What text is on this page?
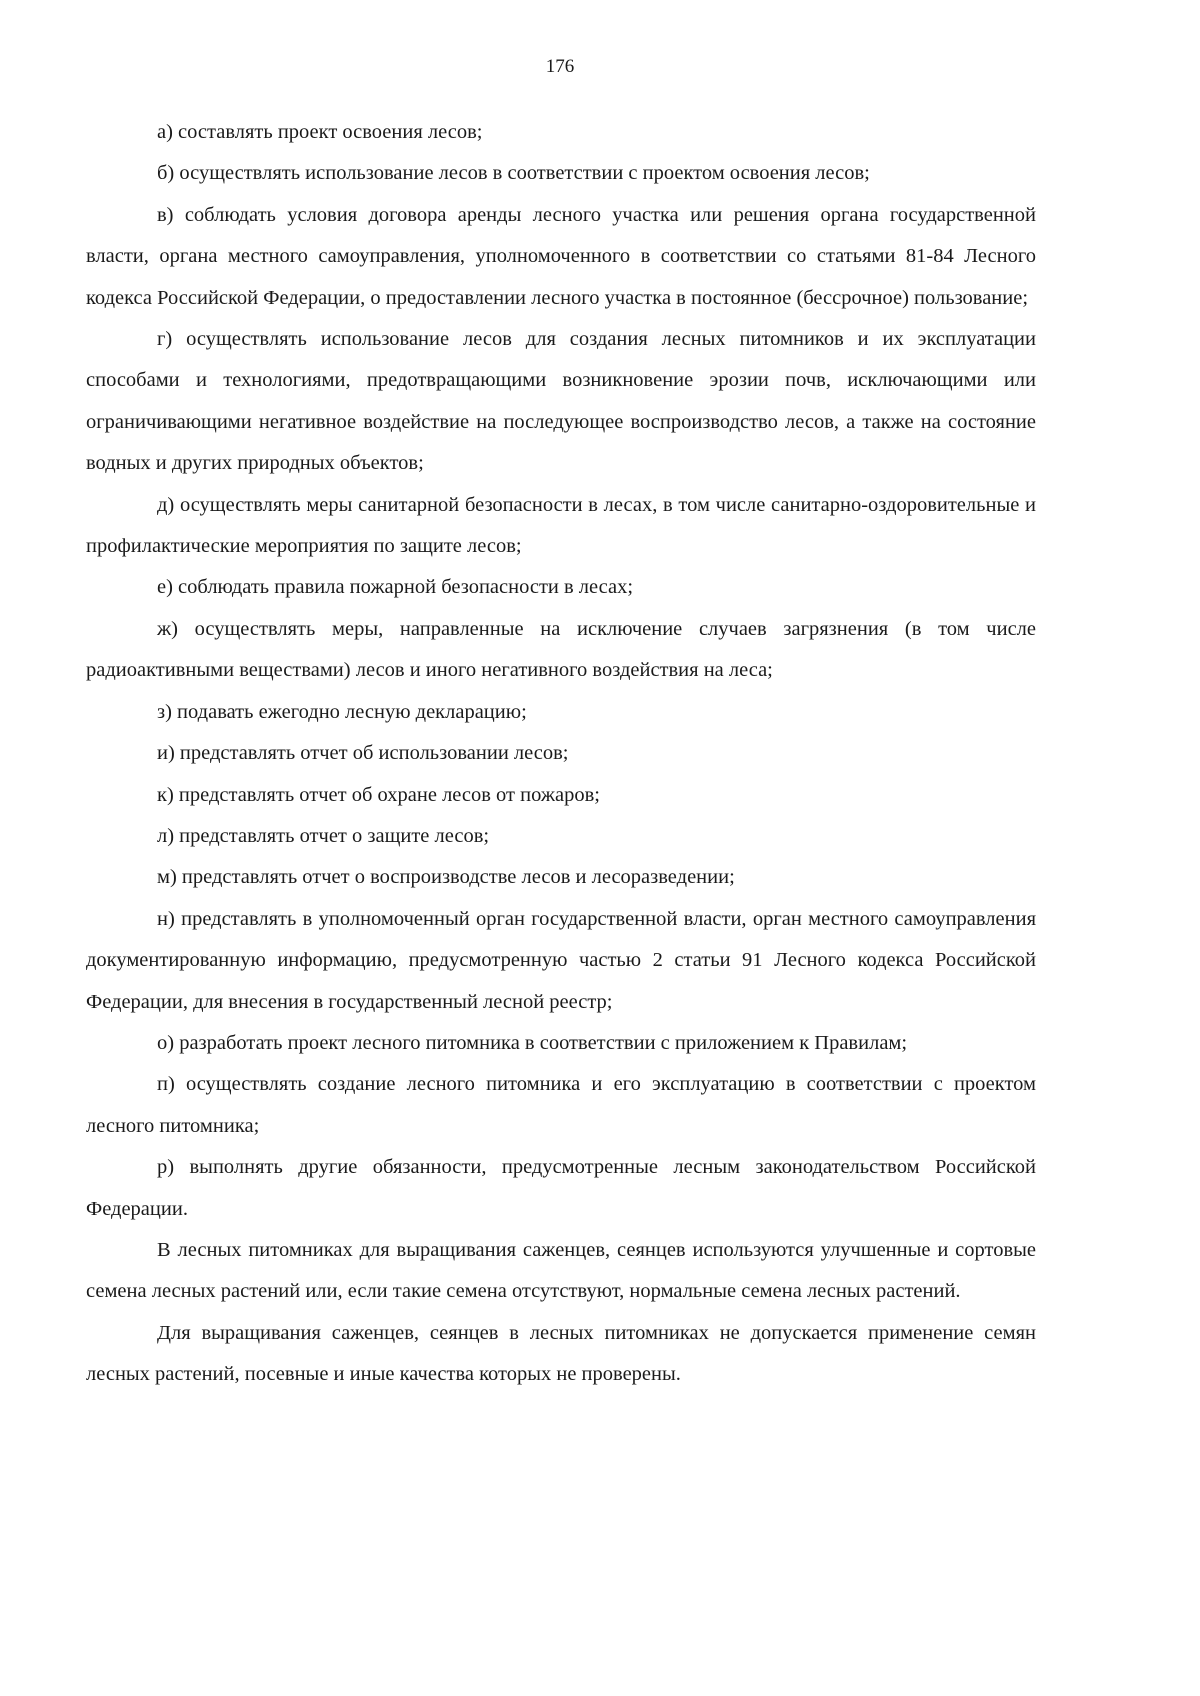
176

а) составлять проект освоения лесов;

б) осуществлять использование лесов в соответствии с проектом освоения лесов;

в) соблюдать условия договора аренды лесного участка или решения органа государственной власти, органа местного самоуправления, уполномоченного в соответствии со статьями 81-84 Лесного кодекса Российской Федерации, о предоставлении лесного участка в постоянное (бессрочное) пользование;

г) осуществлять использование лесов для создания лесных питомников и их эксплуатации способами и технологиями, предотвращающими возникновение эрозии почв, исключающими или ограничивающими негативное воздействие на последующее воспроизводство лесов, а также на состояние водных и других природных объектов;

д) осуществлять меры санитарной безопасности в лесах, в том числе санитарно-оздоровительные и профилактические мероприятия по защите лесов;

е) соблюдать правила пожарной безопасности в лесах;

ж) осуществлять меры, направленные на исключение случаев загрязнения (в том числе радиоактивными веществами) лесов и иного негативного воздействия на леса;

з) подавать ежегодно лесную декларацию;

и) представлять отчет об использовании лесов;

к) представлять отчет об охране лесов от пожаров;

л) представлять отчет о защите лесов;

м) представлять отчет о воспроизводстве лесов и лесоразведении;

н) представлять в уполномоченный орган государственной власти, орган местного самоуправления документированную информацию, предусмотренную частью 2 статьи 91 Лесного кодекса Российской Федерации, для внесения в государственный лесной реестр;

о) разработать проект лесного питомника в соответствии с приложением к Правилам;

п) осуществлять создание лесного питомника и его эксплуатацию в соответствии с проектом лесного питомника;

р) выполнять другие обязанности, предусмотренные лесным законодательством Российской Федерации.

В лесных питомниках для выращивания саженцев, сеянцев используются улучшенные и сортовые семена лесных растений или, если такие семена отсутствуют, нормальные семена лесных растений.

Для выращивания саженцев, сеянцев в лесных питомниках не допускается применение семян лесных растений, посевные и иные качества которых не проверены.
